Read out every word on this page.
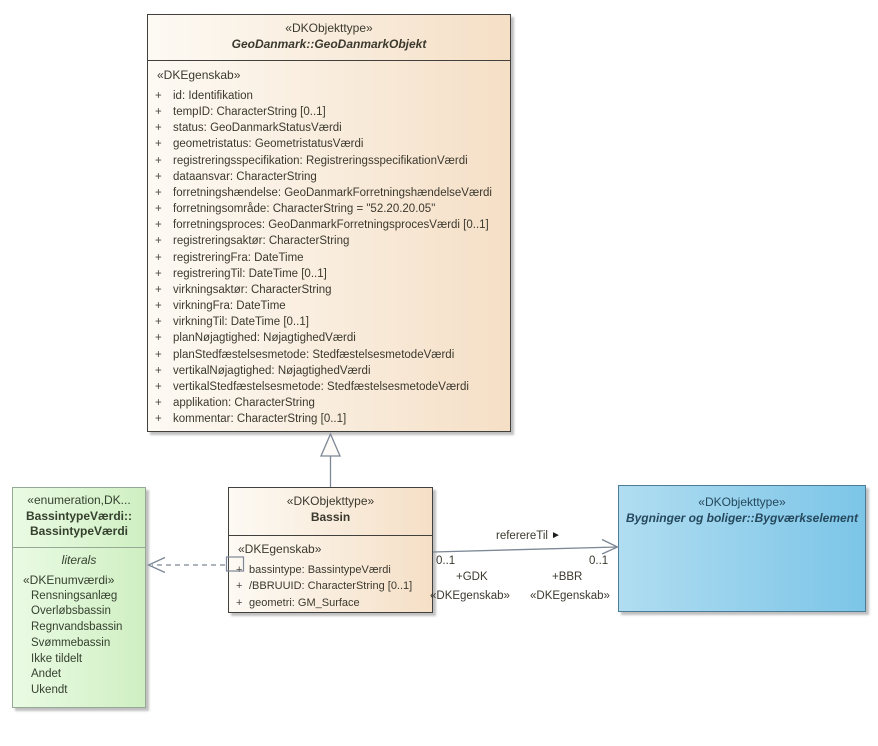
«DKObjekttype»
GeoDanmark::GeoDanmarkObjekt
«DKEgenskab»
+ id: Identifikation
+ tempID: CharacterString [0..1]
+ status: GeoDanmarkStatusVærdi
+ geometristatus: GeometristatusVærdi
+ registreringsspecifikation: RegistreringsspecifikationVærdi
+ dataansvar: CharacterString
+ forretningshændelse: GeoDanmarkForretningshændelseVærdi
+ forretningsområde: CharacterString = "52.20.20.05"
+ forretningsproces: GeoDanmarkForretningsprocesVærdi [0..1]
+ registreringsaktør: CharacterString
+ registreringFra: DateTime
+ registreringTil: DateTime [0..1]
+ virkningsaktør: CharacterString
+ virkningFra: DateTime
+ virkningTil: DateTime [0..1]
+ planNøjagtighed: NøjagtighedVærdi
+ planStedfæstelsesmetode: StedfæstelsesmetodeVærdi
+ vertikalNøjagtighed: NøjagtighedVærdi
+ vertikalStedfæstelsesmetode: StedfæstelsesmetodeVærdi
+ applikation: CharacterString
+ kommentar: CharacterString [0..1]
«DKObjekttype»
Bassin
«DKEgenskab»
+ bassintype: BassintypeVærdi
+ /BBRUUID: CharacterString [0..1]
+ geometri: GM_Surface
«enumeration,DK...
BassintypeVærdi::
BassintypeVærdi
literals
«DKEnumværdi»
Rensningsanlæg
Overløbsbassin
Regnvandsbassin
Svømmebassin
Ikke tildelt
Andet
Ukendt
«DKObjekttype»
Bygninger og boliger::Bygværkselement
referereTil ►
0..1	0..1
+GDK
«DKEgenskab»
+BBR
«DKEgenskab»
